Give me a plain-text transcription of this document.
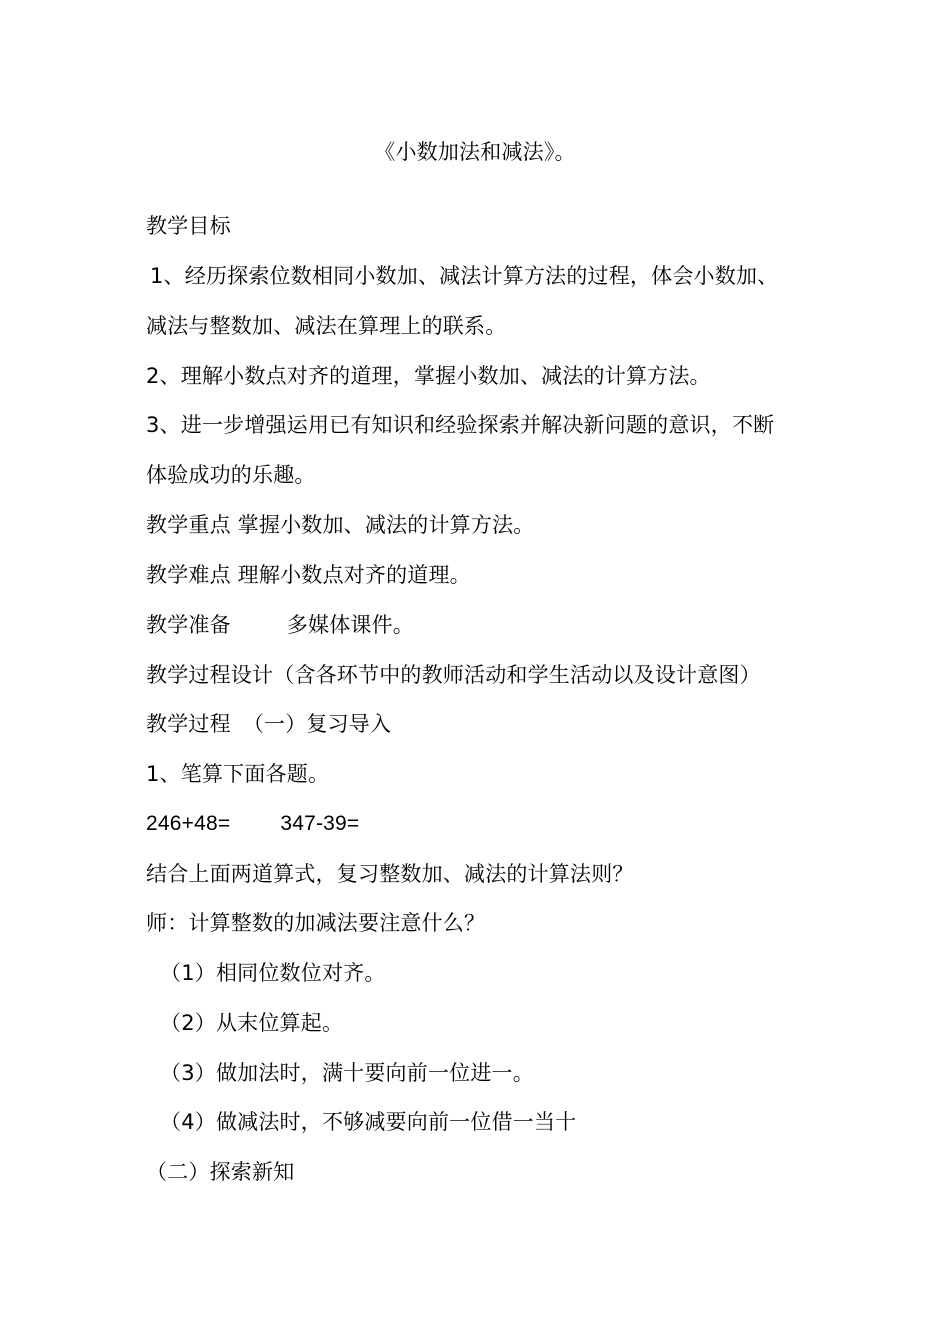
《小数加法和减法》。

教学目标

1、经历探索位数相同小数加、减法计算方法的过程，体会小数加、

减法与整数加、减法在算理上的联系。

2、理解小数点对齐的道理，掌握小数加、减法的计算方法。

3、进一步增强运用已有知识和经验探索并解决新问题的意识，不断

体验成功的乐趣。

教学重点 掌握小数加、减法的计算方法。

教学难点 理解小数点对齐的道理。

教学准备	多媒体课件。

教学过程设计（含各环节中的教师活动和学生活动以及设计意图）

教学过程 （一）复习导入

1、笔算下面各题。

246+48= 347-39=

结合上面两道算式，复习整数加、减法的计算法则？

师：计算整数的加减法要注意什么？

（1）相同位数位对齐。

（2）从末位算起。

（3）做加法时，满十要向前一位进一。

（4）做减法时，不够减要向前一位借一当十

（二）探索新知
